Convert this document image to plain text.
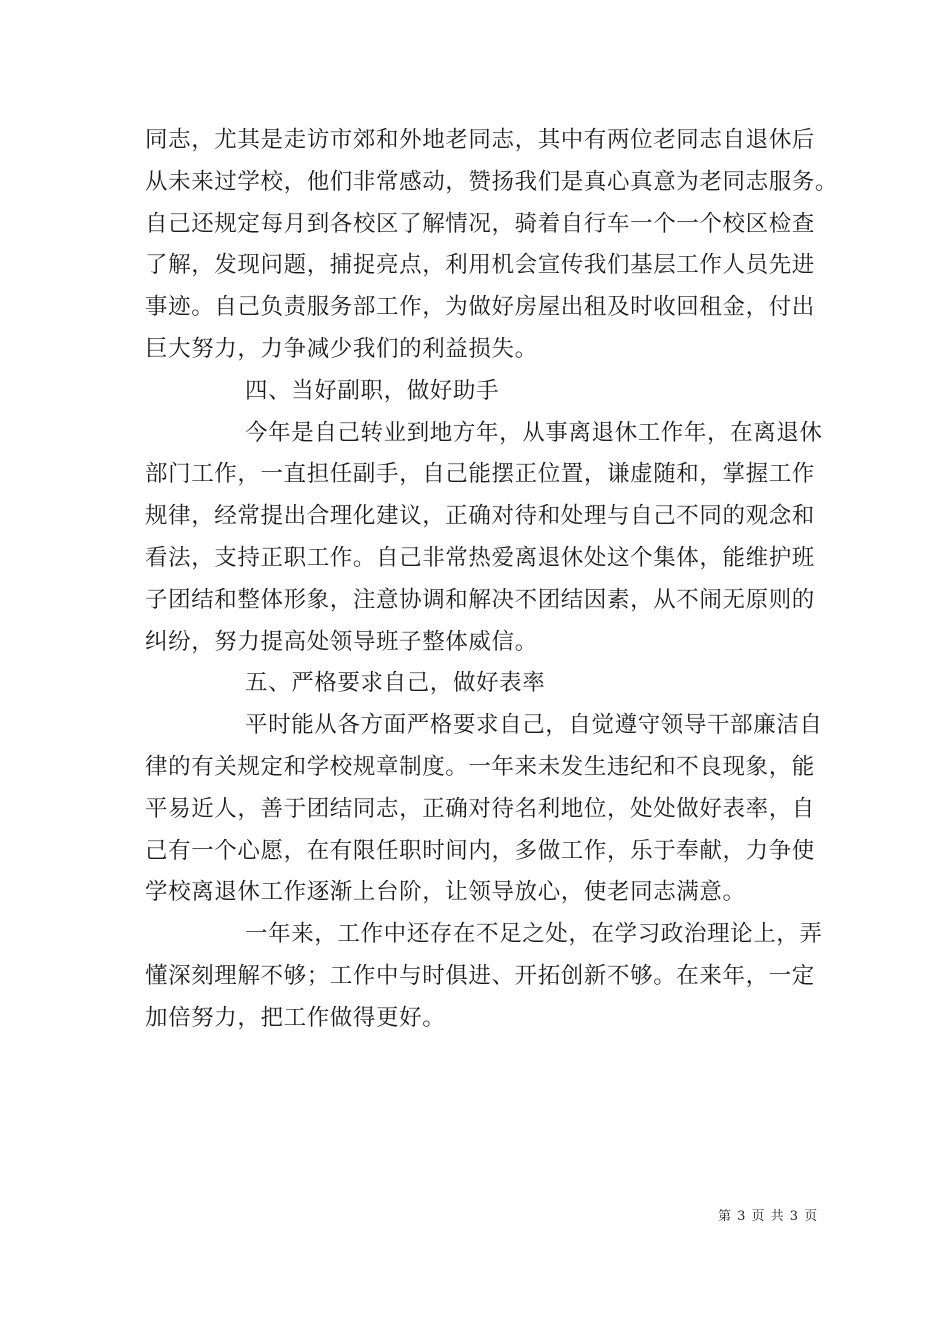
同志，尤其是走访市郊和外地老同志，其中有两位老同志自退休后
从未来过学校，他们非常感动，赞扬我们是真心真意为老同志服务。
自己还规定每月到各校区了解情况，骑着自行车一个一个校区检查
了解，发现问题，捕捉亮点，利用机会宣传我们基层工作人员先进
事迹。自己负责服务部工作，为做好房屋出租及时收回租金，付出
巨大努力，力争减少我们的利益损失。
四、当好副职，做好助手
今年是自己转业到地方年，从事离退休工作年，在离退休
部门工作，一直担任副手，自己能摆正位置，谦虚随和，掌握工作
规律，经常提出合理化建议，正确对待和处理与自己不同的观念和
看法，支持正职工作。自己非常热爱离退休处这个集体，能维护班
子团结和整体形象，注意协调和解决不团结因素，从不闹无原则的
纠纷，努力提高处领导班子整体威信。
五、严格要求自己，做好表率
平时能从各方面严格要求自己，自觉遵守领导干部廉洁自
律的有关规定和学校规章制度。一年来未发生违纪和不良现象，能
平易近人，善于团结同志，正确对待名利地位，处处做好表率，自
己有一个心愿，在有限任职时间内，多做工作，乐于奉献，力争使
学校离退休工作逐渐上台阶，让领导放心，使老同志满意。
一年来，工作中还存在不足之处，在学习政治理论上，弄
懂深刻理解不够；工作中与时俱进、开拓创新不够。在来年，一定
加倍努力，把工作做得更好。
第 3 页 共 3 页
